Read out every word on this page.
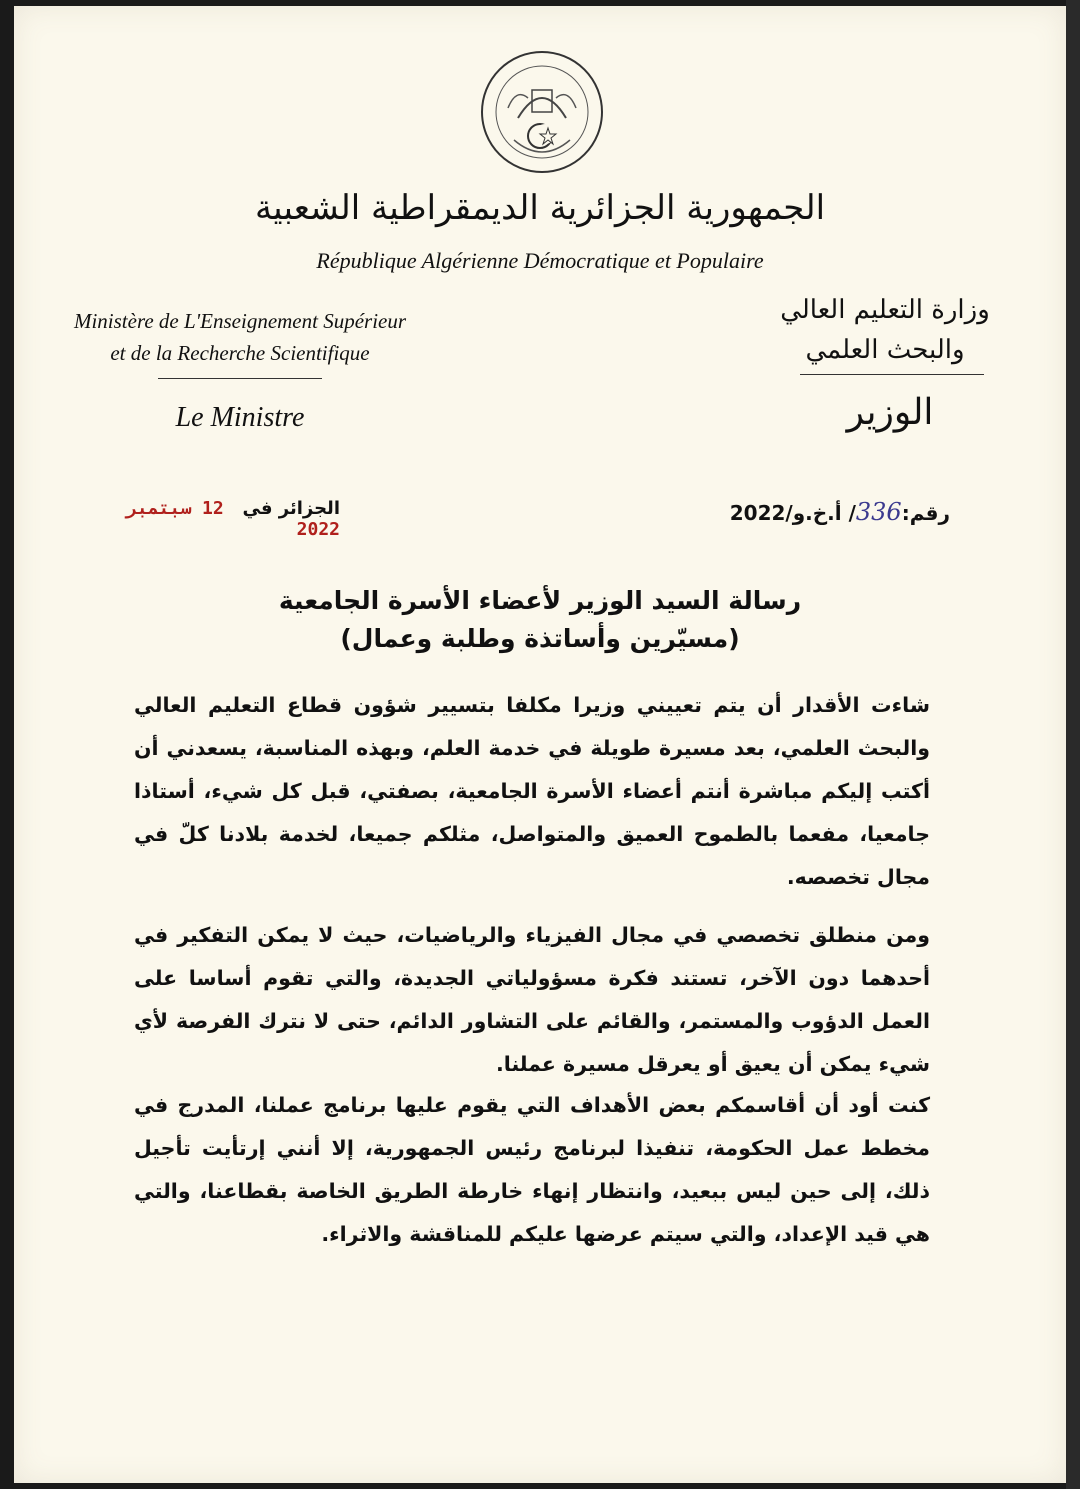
الجمهورية الجزائرية الديمقراطية الشعبية
République Algérienne Démocratique et Populaire
Ministère de L'Enseignement Supérieur
et de la Recherche Scientifique
Le Ministre
وزارة التعليم العالي
والبحث العلمي
الوزير
رقم:336/ أ.خ.و/2022
الجزائر في   12 سبتمبر 2022
رسالة السيد الوزير لأعضاء الأسرة الجامعية
(مسيّرين وأساتذة وطلبة وعمال)
شاءت الأقدار أن يتم تعييني وزيرا مكلفا بتسيير شؤون قطاع التعليم العالي والبحث العلمي، بعد مسيرة طويلة في خدمة العلم، وبهذه المناسبة، يسعدني أن أكتب إليكم مباشرة أنتم أعضاء الأسرة الجامعية، بصفتي، قبل كل شيء، أستاذا جامعيا، مفعما بالطموح العميق والمتواصل، مثلكم جميعا، لخدمة بلادنا كلّ في مجال تخصصه.
ومن منطلق تخصصي في مجال الفيزياء والرياضيات، حيث لا يمكن التفكير في أحدهما دون الآخر، تستند فكرة مسؤولياتي الجديدة، والتي تقوم أساسا على العمل الدؤوب والمستمر، والقائم على التشاور الدائم، حتى لا نترك الفرصة لأي شيء يمكن أن يعيق أو يعرقل مسيرة عملنا.
كنت أود أن أقاسمكم بعض الأهداف التي يقوم عليها برنامج عملنا، المدرج في مخطط عمل الحكومة، تنفيذا لبرنامج رئيس الجمهورية، إلا أنني إرتأيت تأجيل ذلك، إلى حين ليس ببعيد، وانتظار إنهاء خارطة الطريق الخاصة بقطاعنا، والتي هي قيد الإعداد، والتي سيتم عرضها عليكم للمناقشة والاثراء.
